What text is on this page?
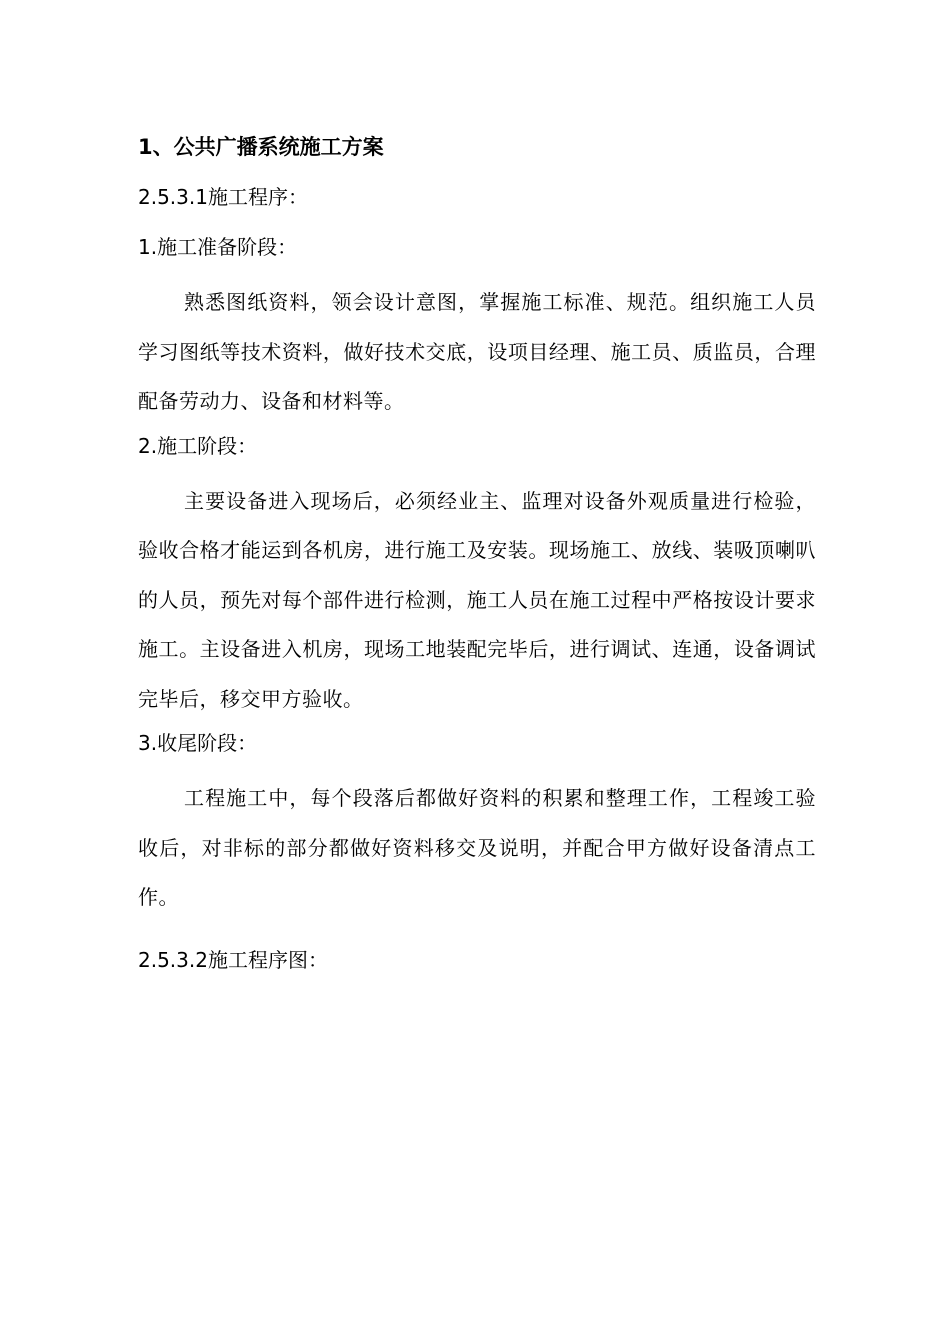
1、公共广播系统施工方案
2.5.3.1施工程序：
1.施工准备阶段：

熟悉图纸资料，领会设计意图，掌握施工标准、规范。组织施工人员学习图纸等技术资料，做好技术交底，设项目经理、施工员、质监员，合理配备劳动力、设备和材料等。

2.施工阶段：

主要设备进入现场后，必须经业主、监理对设备外观质量进行检验，验收合格才能运到各机房，进行施工及安装。现场施工、放线、装吸顶喇叭的人员，预先对每个部件进行检测，施工人员在施工过程中严格按设计要求施工。主设备进入机房，现场工地装配完毕后，进行调试、连通，设备调试完毕后，移交甲方验收。

3.收尾阶段：

工程施工中，每个段落后都做好资料的积累和整理工作，工程竣工验收后，对非标的部分都做好资料移交及说明，并配合甲方做好设备清点工作。

2.5.3.2施工程序图：
